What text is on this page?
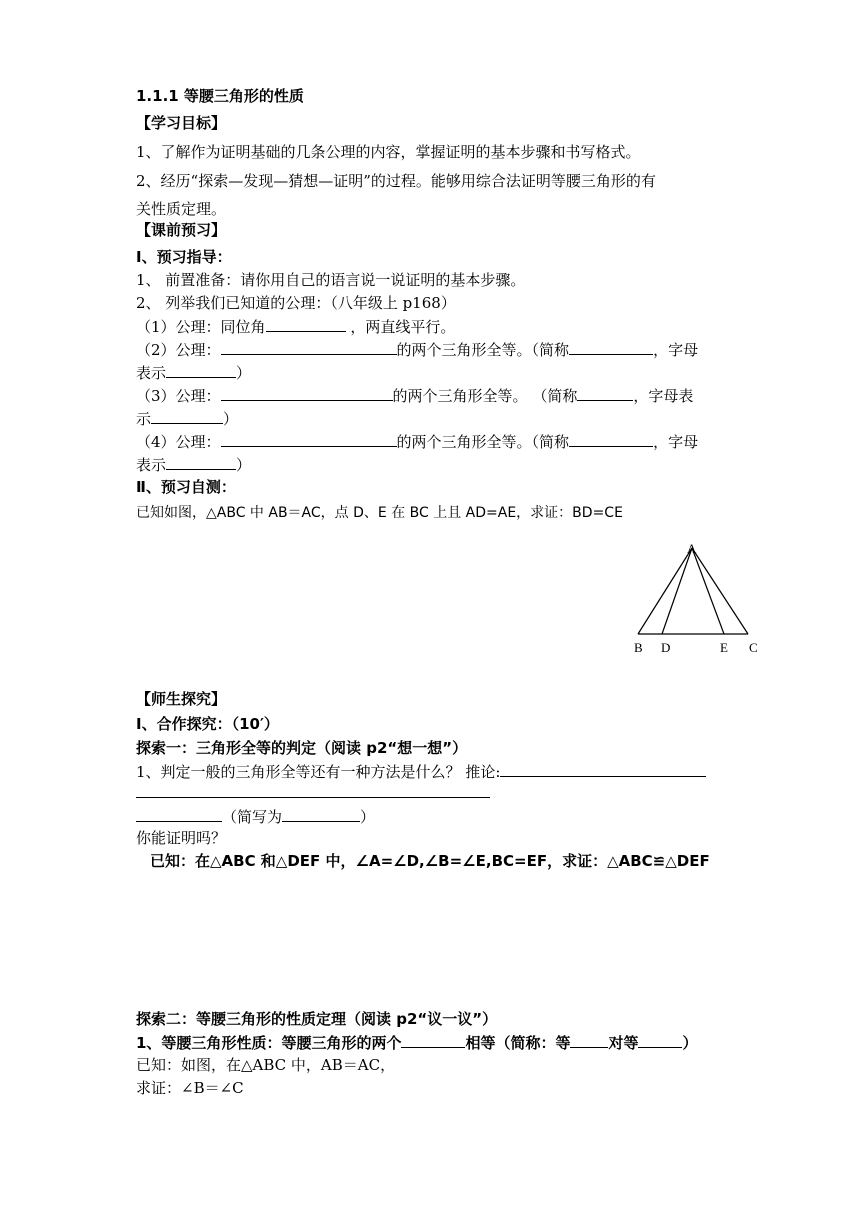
1.1.1 等腰三角形的性质
【学习目标】
1、了解作为证明基础的几条公理的内容，掌握证明的基本步骤和书写格式。
2、经历“探索—发现—猜想—证明”的过程。能够用综合法证明等腰三角形的有
关性质定理。
【课前预习】
Ⅰ、预习指导：
1、 前置准备：请你用自己的语言说一说证明的基本步骤。
2、 列举我们已知道的公理：（八年级上 p168）
（1）公理：同位角	，两直线平行。
（2）公理：	的两个三角形全等。（简称	，字母
表示	）
（3）公理：	的两个三角形全等。 （简称	，字母表
示	）
（4）公理：	的两个三角形全等。（简称	，字母
表示	）
Ⅱ、预习自测：
已知如图，△ABC 中 AB＝AC，点 D、E 在 BC 上且 AD=AE，求证：BD=CE
A
B D	E C
【师生探究】
Ⅰ、合作探究：（10′）
探索一：三角形全等的判定（阅读 p2“想一想”）
1、判定一般的三角形全等还有一种方法是什么？ 推论:
（简写为	）
你能证明吗？
已知：在△ABC 和△DEF 中，∠A=∠D,∠B=∠E,BC=EF，求证：△ABC≌△DEF
探索二：等腰三角形的性质定理（阅读 p2“议一议”）
1、等腰三角形性质：等腰三角形的两个	相等（简称：等	对等	）
已知：如图，在△ABC 中，AB＝AC，
求证：∠B＝∠C
